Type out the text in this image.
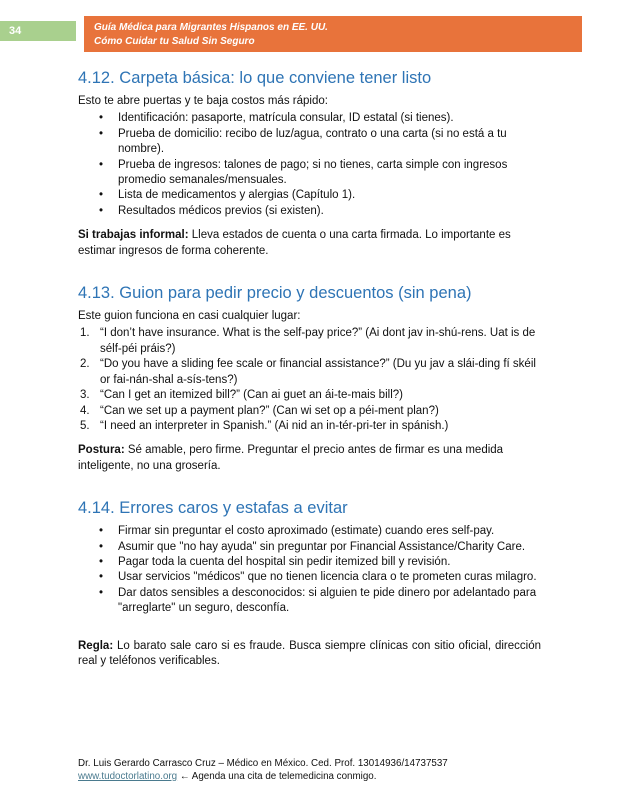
34	Guía Médica para Migrantes Hispanos en EE. UU.
Cómo Cuidar tu Salud Sin Seguro
4.12. Carpeta básica: lo que conviene tener listo

Esto te abre puertas y te baja costos más rápido:

• Identificación: pasaporte, matrícula consular, ID estatal (si tienes).
• Prueba de domicilio: recibo de luz/agua, contrato o una carta (si no está a tu nombre).
• Prueba de ingresos: talones de pago; si no tienes, carta simple con ingresos promedio semanales/mensuales.
• Lista de medicamentos y alergias (Capítulo 1).
• Resultados médicos previos (si existen).

Si trabajas informal: Lleva estados de cuenta o una carta firmada. Lo importante es estimar ingresos de forma coherente.

4.13. Guion para pedir precio y descuentos (sin pena)

Este guion funciona en casi cualquier lugar:

“I don’t have insurance. What is the self-pay price?” (Ai dont jav in-shú-rens. Uat is de sélf-péi práis?)
“Do you have a sliding fee scale or financial assistance?” (Du yu jav a slái-ding fí skéil or fai-nán-shal a-sís-tens?)
“Can I get an itemized bill?” (Can ai guet an ái-te-mais bill?)
“Can we set up a payment plan?” (Can wi set op a péi-ment plan?)
“I need an interpreter in Spanish.” (Ai nid an in-tér-pri-ter in spánish.)

Postura: Sé amable, pero firme. Preguntar el precio antes de firmar es una medida inteligente, no una grosería.

4.14. Errores caros y estafas a evitar
• Firmar sin preguntar el costo aproximado (estimate) cuando eres self-pay.
• Asumir que "no hay ayuda" sin preguntar por Financial Assistance/Charity Care.
• Pagar toda la cuenta del hospital sin pedir itemized bill y revisión.
• Usar servicios "médicos" que no tienen licencia clara o te prometen curas milagro.
• Dar datos sensibles a desconocidos: si alguien te pide dinero por adelantado para "arreglarte" un seguro, desconfía.

Regla: Lo barato sale caro si es fraude. Busca siempre clínicas con sitio oficial, dirección real y teléfonos verificables.

Dr. Luis Gerardo Carrasco Cruz – Médico en México. Ced. Prof. 13014936/14737537
www.tudoctorlatino.org ← Agenda una cita de telemedicina conmigo.
